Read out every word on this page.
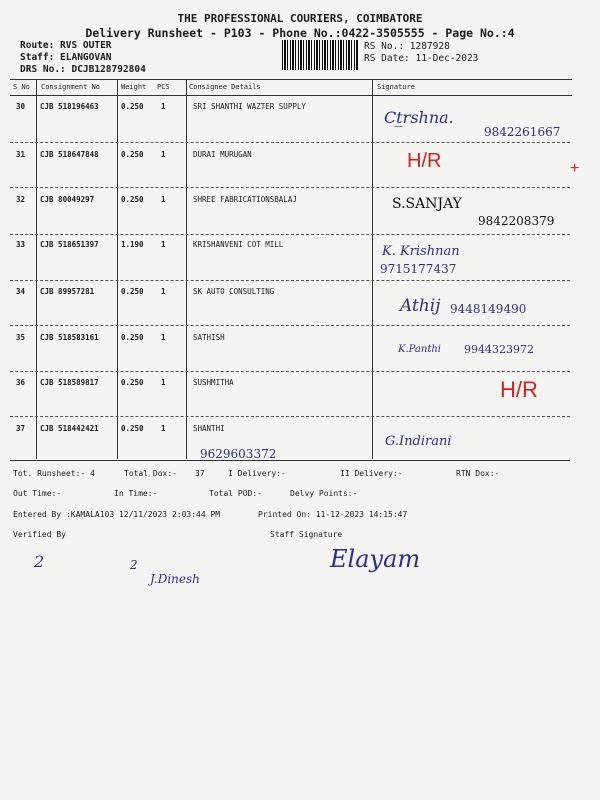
THE PROFESSIONAL COURIERS, COIMBATORE
Delivery Runsheet - P103 - Phone No.:0422-3505555 - Page No.:4
Route: RVS OUTER
Staff: ELANGOVAN
DRS No.: DCJB128792804
RS No.: 1287928
RS Date: 11-Dec-2023
S No Consignment No	Weight PCS	Consignee Details	Signature
30 CJB 518196463	0.250 1	SRI SHANTHI WAZTER SUPPLY
Ct̲rshna.
9842261667
31 CJB 518647848	0.250 1	DURAI MURUGAN	H/R	+
32 CJB 80049297	0.250 1	SHREE FABRICATIONSBALAJ	S.SANJAY
9842208379
33 CJB 518651397	1.190 1	KRISHANVENI COT MILL	K. Krishnan
9715177437
34 CJB 89957281	0.250 1	SK AUTO CONSULTING
Athij 9448149490
35 CJB 518583161	0.250 1	SATHISH
K.Panthi 9944323972
36 CJB 518589817	0.250 1	SUSHMITHA	H/R
37 CJB 518442421	0.250 1	SHANTHI
G.Indirani
9629603372
Tot. Runsheet:- 4	Total Dox:- 37	I Delivery:-	II Delivery:-	RTN Dox:-
Out Time:-	In Time:-	Total POD:-	Delvy Points:-
Entered By :KAMALA103 12/11/2023 2:03:44 PM	Printed On: 11-12-2023 14:15:47
Verified By	Staff Signature
2	2
J.Dinesh
Elayam
